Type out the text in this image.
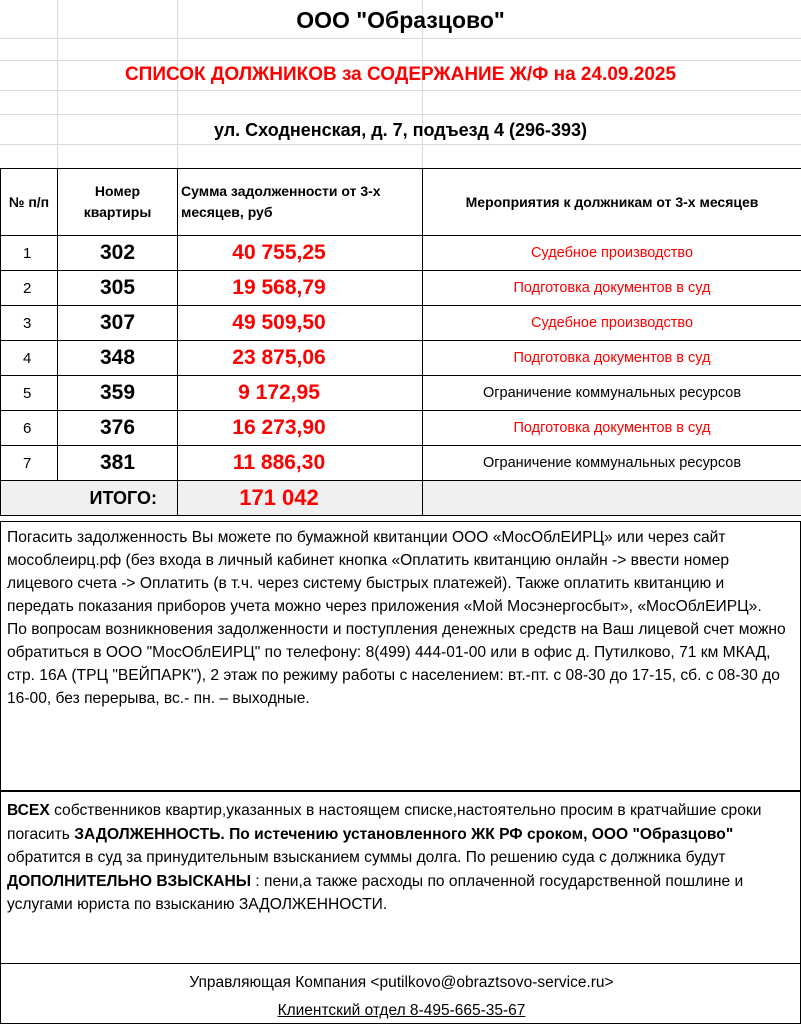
ООО "Образцово"
СПИСОК ДОЛЖНИКОВ за СОДЕРЖАНИЕ Ж/Ф на 24.09.2025
ул. Сходненская, д. 7, подъезд 4 (296-393)
№ п/п	Номер квартиры	Сумма задолженности от 3-х месяцев, руб	Мероприятия к должникам от 3-х месяцев
1	302	40 755,25	Судебное производство
2	305	19 568,79	Подготовка документов в суд
3	307	49 509,50	Судебное производство
4	348	23 875,06	Подготовка документов в суд
5	359	9 172,95	Ограничение коммунальных ресурсов
6	376	16 273,90	Подготовка документов в суд
7	381	11 886,30	Ограничение коммунальных ресурсов
ИТОГО:		171 042	

Погасить задолженность Вы можете по бумажной квитанции ООО «МосОблЕИРЦ» или через сайт мособлеирц.рф (без входа в личный кабинет кнопка «Оплатить квитанцию онлайн -> ввести номер лицевого счета -> Оплатить (в т.ч. через систему быстрых платежей). Также оплатить квитанцию и передать показания приборов учета можно через приложения «Мой Мосэнергосбыт», «МосОблЕИРЦ».

По вопросам возникновения задолженности и поступления денежных средств на Ваш лицевой счет можно обратиться в ООО "МосОблЕИРЦ" по телефону: 8(499) 444-01-00 или в офис д. Путилково, 71 км МКАД, стр. 16А (ТРЦ "ВЕЙПАРК"), 2 этаж по режиму работы с населением: вт.-пт. с 08-30 до 17-15, сб. с 08-30 до 16-00, без перерыва, вс.- пн. – выходные.

ВСЕХ собственников квартир,указанных в настоящем списке,настоятельно просим в кратчайшие сроки погасить ЗАДОЛЖЕННОСТЬ. По истечению установленного ЖК РФ сроком, ООО "Образцово" обратится в суд за принудительным взысканием суммы долга. По решению суда с должника будут ДОПОЛНИТЕЛЬНО ВЗЫСКАНЫ : пени,а также расходы по оплаченной государственной пошлине и услугами юриста по взысканию ЗАДОЛЖЕННОСТИ.

Управляющая Компания <putilkovo@obraztsovo-service.ru>
Клиентский отдел 8-495-665-35-67
